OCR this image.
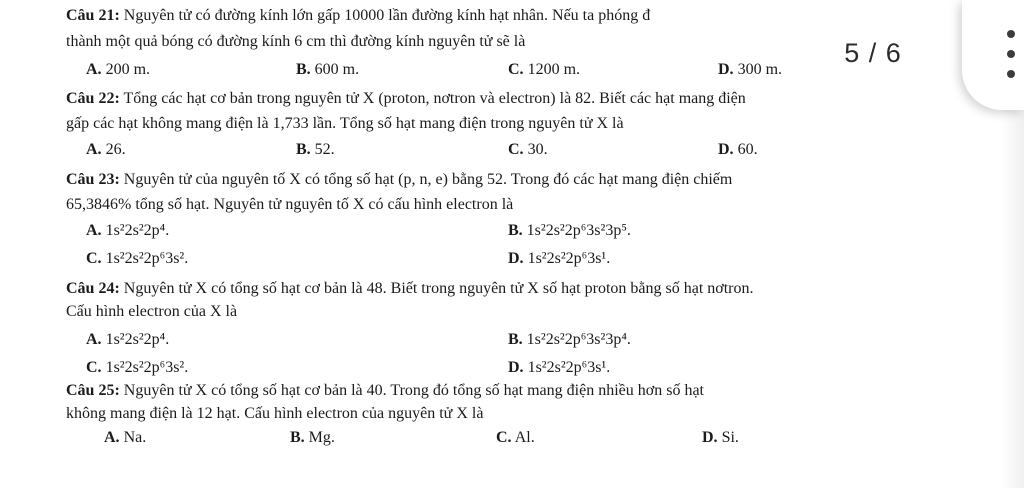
Câu 21: Nguyên tử có đường kính lớn gấp 10000 lần đường kính hạt nhân. Nếu ta phóng đ
thành một quả bóng có đường kính 6 cm thì đường kính nguyên tử sẽ là
A. 200 m.	B. 600 m.	C. 1200 m.	D. 300 m.
Câu 22: Tổng các hạt cơ bản trong nguyên tử X (proton, nơtron và electron) là 82. Biết các hạt mang điện
gấp các hạt không mang điện là 1,733 lần. Tổng số hạt mang điện trong nguyên tử X là
A. 26.	B. 52.	C. 30.	D. 60.
Câu 23: Nguyên tử của nguyên tố X có tổng số hạt (p, n, e) bằng 52. Trong đó các hạt mang điện chiếm
65,3846% tổng số hạt. Nguyên tử nguyên tố X có cấu hình electron là
A. 1s²2s²2p⁴.	B. 1s²2s²2p⁶3s²3p⁵.
C. 1s²2s²2p⁶3s².	D. 1s²2s²2p⁶3s¹.
Câu 24: Nguyên tử X có tổng số hạt cơ bản là 48. Biết trong nguyên tử X số hạt proton bằng số hạt nơtron.
Cấu hình electron của X là
A. 1s²2s²2p⁴.	B. 1s²2s²2p⁶3s²3p⁴.
C. 1s²2s²2p⁶3s².	D. 1s²2s²2p⁶3s¹.
Câu 25: Nguyên tử X có tổng số hạt cơ bản là 40. Trong đó tổng số hạt mang điện nhiều hơn số hạt
không mang điện là 12 hạt. Cấu hình electron của nguyên tử X là
A. Na.	B. Mg.	C. Al.	D. Si.
5 / 6
